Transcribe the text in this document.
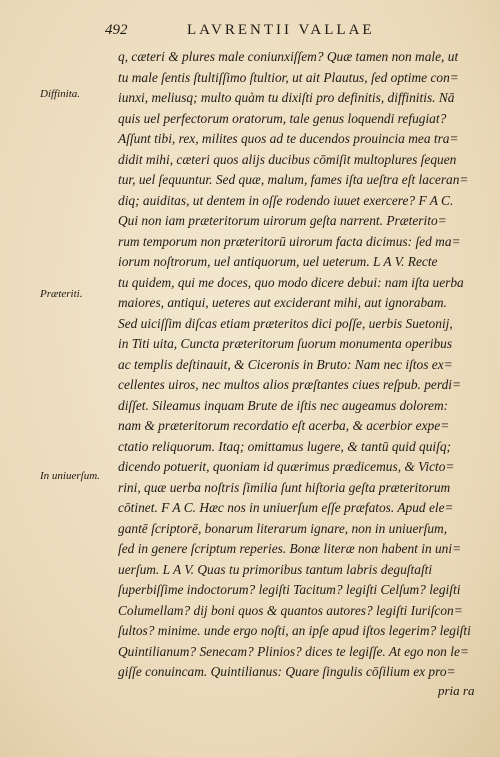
492	LAVRENTII VALLAE
Diffinita.
Præteriti.
In uniuerſum.
q, cæteri & plures male coniunxiſſem? Quæ tamen non male, ut
tu male ſentis ſtultiſſimo ſtultior, ut ait Plautus, ſed optime con=
iunxi, meliusq; multo quàm tu dixiſti pro definitis, diffinitis. Nā
quis uel perfectorum oratorum, tale genus loquendi refugiat?
Aſſunt tibi, rex, milites quos ad te ducendos prouincia mea tra=
didit mihi, cæteri quos alijs ducibus cōmiſit multoplures ſequen
tur, uel ſequuntur. Sed quæ, malum, fames iſta ueſtra eſt laceran=
diq; auiditas, ut dentem in oſſe rodendo iuuet exercere? F A C.
Qui non iam præteritorum uirorum geſta narrent. Præterito=
rum temporum non præteritorū uirorum facta dicimus: ſed ma=
iorum noſtrorum, uel antiquorum, uel ueterum. L A V. Recte
tu quidem, qui me doces, quo modo dicere debui: nam iſta uerba
maiores, antiqui, ueteres aut exciderant mihi, aut ignorabam.
Sed uiciſſim diſcas etiam præteritos dici poſſe, uerbis Suetonij,
in Titi uita, Cuncta præteritorum ſuorum monumenta operibus
ac templis deſtinauit, & Ciceronis in Bruto: Nam nec iſtos ex=
cellentes uiros, nec multos alios præſtantes ciues reſpub. perdi=
diſſet. Sileamus inquam Brute de iſtis nec augeamus dolorem:
nam & præteritorum recordatio eſt acerba, & acerbior expe=
ctatio reliquorum. Itaq; omittamus lugere, & tantū quid quiſq;
dicendo potuerit, quoniam id quærimus prædicemus, & Victo=
rini, quæ uerba noſtris ſimilia ſunt hiſtoria geſta præteritorum
cōtinet. F A C. Hæc nos in uniuerſum eſſe præfatos. Apud ele=
gantē ſcriptorē, bonarum literarum ignare, non in uniuerſum,
ſed in genere ſcriptum reperies. Bonæ literæ non habent in uni=
uerſum. L A V. Quas tu primoribus tantum labris deguſtaſti
ſuperbiſſime indoctorum? legiſti Tacitum? legiſti Celſum? legiſti
Columellam? dij boni quos & quantos autores? legiſti Iuriſcon=
ſultos? minime. unde ergo noſti, an ipſe apud iſtos legerim? legiſti
Quintilianum? Senecam? Plinios? dices te legiſſe. At ego non le=
giſſe conuincam. Quintilianus: Quare ſingulis cōſilium ex pro=
pria ra
